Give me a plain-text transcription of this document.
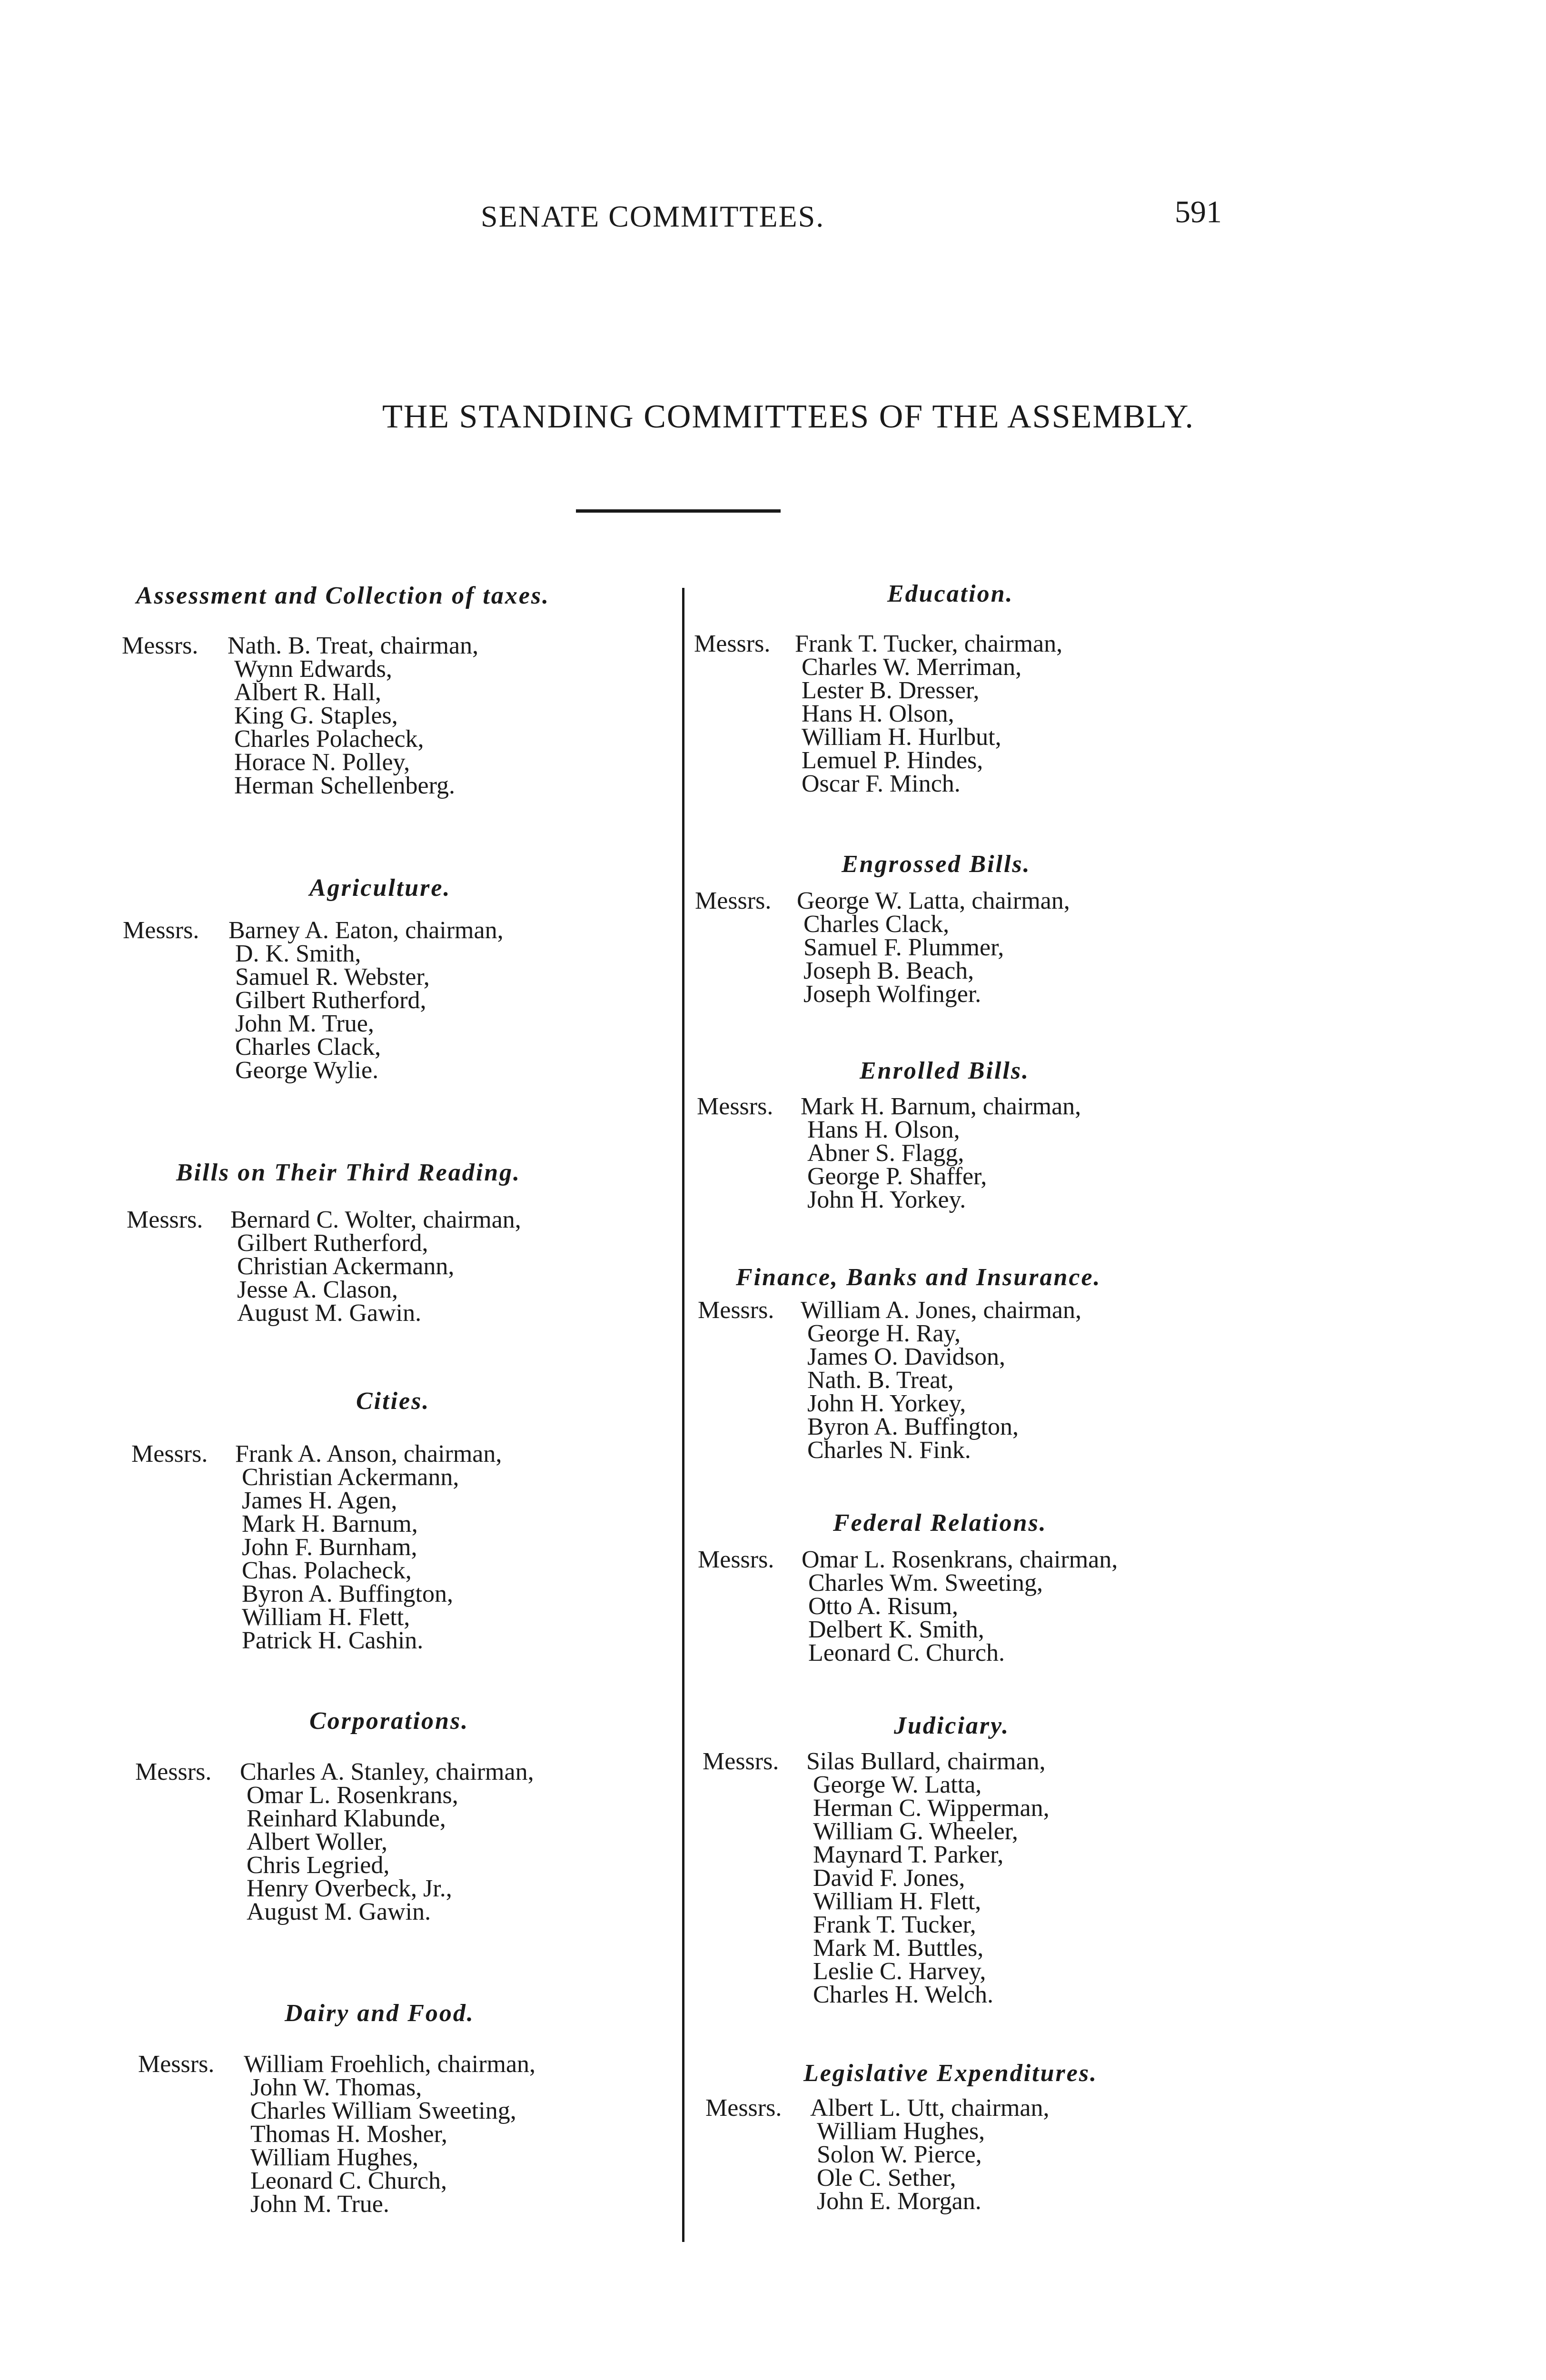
SENATE COMMITTEES.	591
THE STANDING COMMITTEES OF THE ASSEMBLY.
Assessment and Collection of taxes.
Messrs. Nath. B. Treat, chairman,
Wynn Edwards,
Albert R. Hall,
King G. Staples,
Charles Polacheck,
Horace N. Polley,
Herman Schellenberg.
Agriculture.
Messrs. Barney A. Eaton, chairman,
D. K. Smith,
Samuel R. Webster,
Gilbert Rutherford,
John M. True,
Charles Clack,
George Wylie.
Bills on Their Third Reading.
Messrs. Bernard C. Wolter, chairman,
Gilbert Rutherford,
Christian Ackermann,
Jesse A. Clason,
August M. Gawin.
Cities.
Messrs. Frank A. Anson, chairman,
Christian Ackermann,
James H. Agen,
Mark H. Barnum,
John F. Burnham,
Chas. Polacheck,
Byron A. Buffington,
William H. Flett,
Patrick H. Cashin.
Corporations.
Messrs. Charles A. Stanley, chairman,
Omar L. Rosenkrans,
Reinhard Klabunde,
Albert Woller,
Chris Legried,
Henry Overbeck, Jr.,
August M. Gawin.
Dairy and Food.
Messrs. William Froehlich, chairman,
John W. Thomas,
Charles William Sweeting,
Thomas H. Mosher,
William Hughes,
Leonard C. Church,
John M. True.
Education.
Messrs. Frank T. Tucker, chairman,
Charles W. Merriman,
Lester B. Dresser,
Hans H. Olson,
William H. Hurlbut,
Lemuel P. Hindes,
Oscar F. Minch.
Engrossed Bills.
Messrs. George W. Latta, chairman,
Charles Clack,
Samuel F. Plummer,
Joseph B. Beach,
Joseph Wolfinger.
Enrolled Bills.
Messrs. Mark H. Barnum, chairman,
Hans H. Olson,
Abner S. Flagg,
George P. Shaffer,
John H. Yorkey.
Finance, Banks and Insurance.
Messrs. William A. Jones, chairman,
George H. Ray,
James O. Davidson,
Nath. B. Treat,
John H. Yorkey,
Byron A. Buffington,
Charles N. Fink.
Federal Relations.
Messrs. Omar L. Rosenkrans, chairman,
Charles Wm. Sweeting,
Otto A. Risum,
Delbert K. Smith,
Leonard C. Church.
Judiciary.
Messrs. Silas Bullard, chairman,
George W. Latta,
Herman C. Wipperman,
William G. Wheeler,
Maynard T. Parker,
David F. Jones,
William H. Flett,
Frank T. Tucker,
Mark M. Buttles,
Leslie C. Harvey,
Charles H. Welch.
Legislative Expenditures.
Messrs. Albert L. Utt, chairman,
William Hughes,
Solon W. Pierce,
Ole C. Sether,
John E. Morgan.
